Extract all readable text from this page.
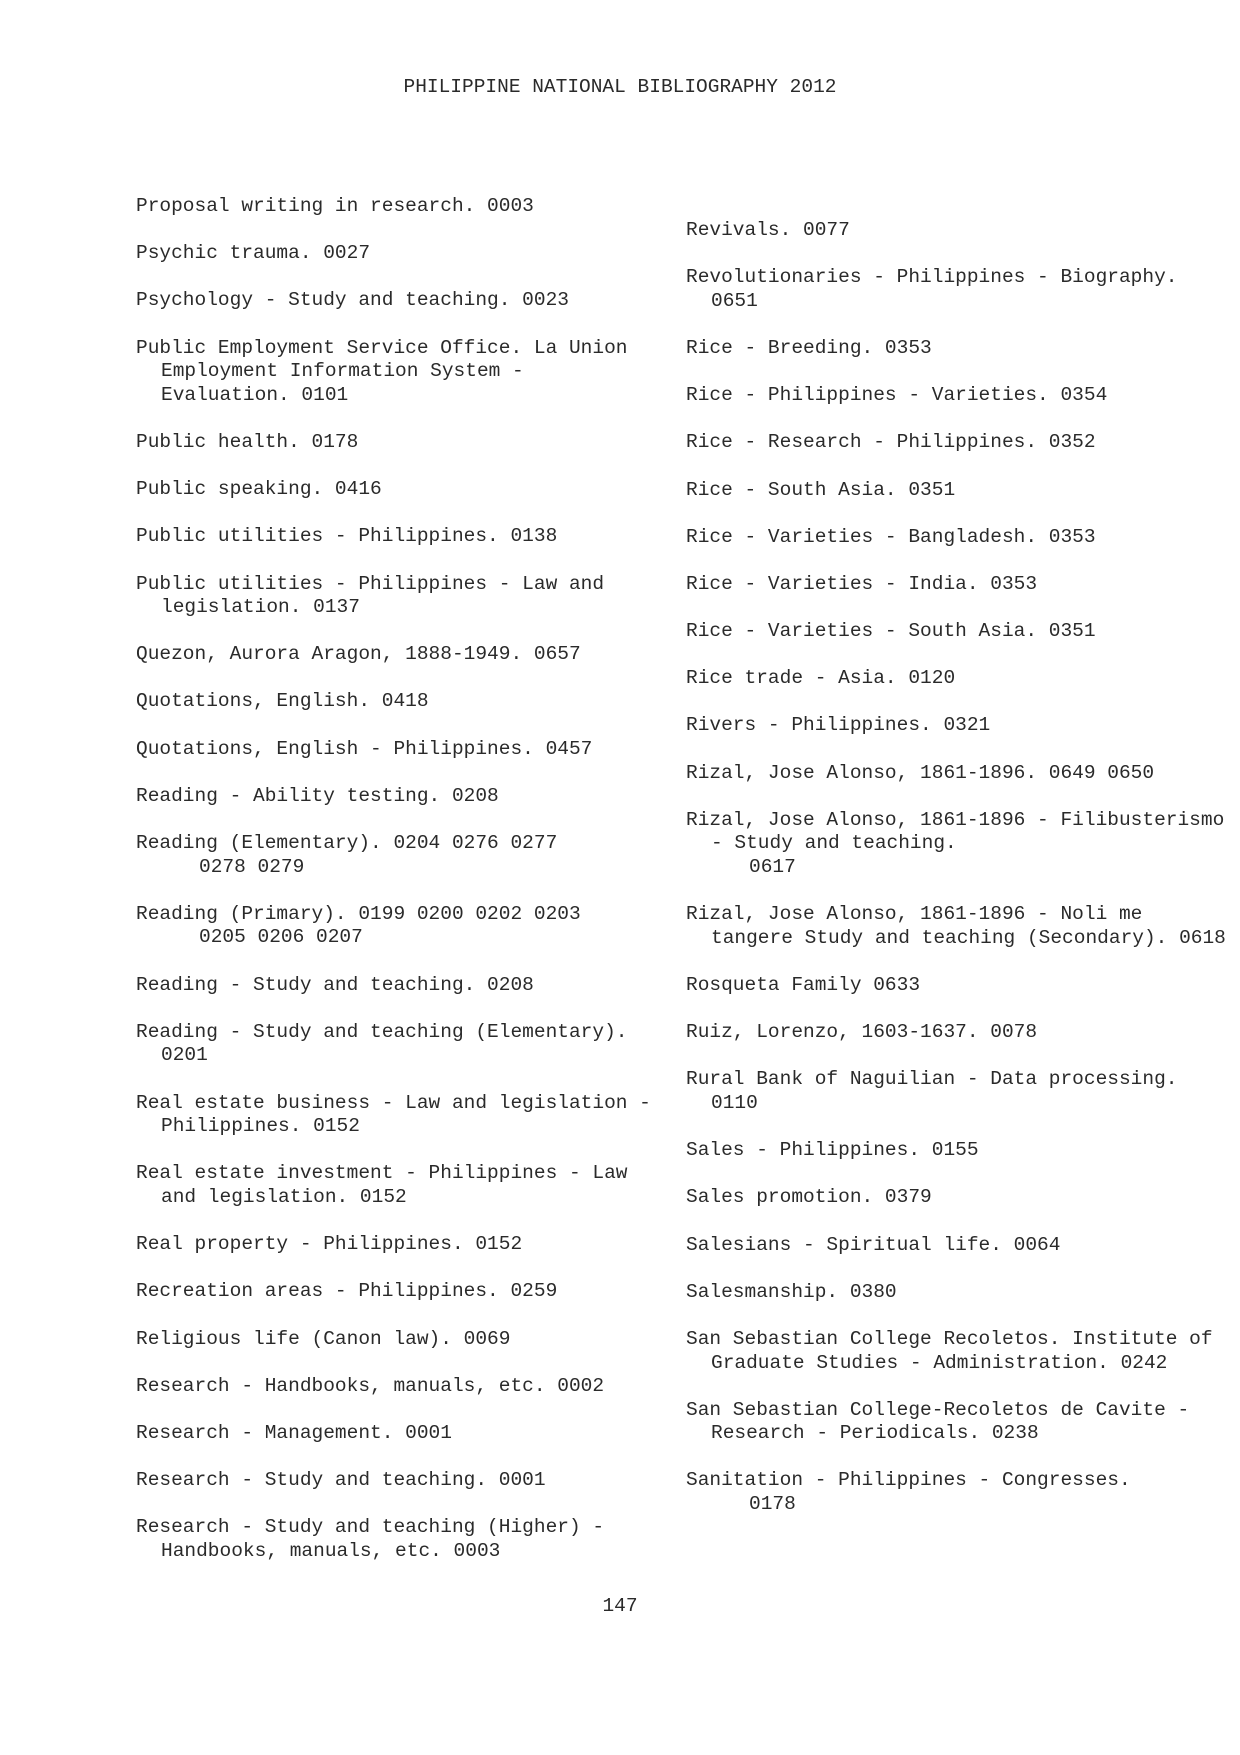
PHILIPPINE NATIONAL BIBLIOGRAPHY 2012
Proposal writing in research. 0003
Psychic trauma. 0027
Psychology - Study and teaching. 0023
Public Employment Service Office. La Union Employment Information System - Evaluation. 0101
Public health. 0178
Public speaking. 0416
Public utilities - Philippines. 0138
Public utilities - Philippines - Law and legislation. 0137
Quezon, Aurora Aragon, 1888-1949. 0657
Quotations, English. 0418
Quotations, English - Philippines. 0457
Reading - Ability testing. 0208
Reading (Elementary). 0204 0276 0277
0278 0279
Reading (Primary). 0199 0200 0202 0203
0205 0206 0207
Reading - Study and teaching. 0208
Reading - Study and teaching (Elementary). 0201
Real estate business - Law and legislation - Philippines. 0152
Real estate investment - Philippines - Law and legislation. 0152
Real property - Philippines. 0152
Recreation areas - Philippines. 0259
Religious life (Canon law). 0069
Research - Handbooks, manuals, etc. 0002
Research - Management. 0001
Research - Study and teaching. 0001
Research - Study and teaching (Higher) - Handbooks, manuals, etc. 0003
Revivals. 0077
Revolutionaries - Philippines - Biography. 0651
Rice - Breeding. 0353
Rice - Philippines - Varieties. 0354
Rice - Research - Philippines. 0352
Rice - South Asia. 0351
Rice - Varieties - Bangladesh. 0353
Rice - Varieties - India. 0353
Rice - Varieties - South Asia. 0351
Rice trade - Asia. 0120
Rivers - Philippines. 0321
Rizal, Jose Alonso, 1861-1896. 0649 0650
Rizal, Jose Alonso, 1861-1896 - Filibusterismo - Study and teaching.
0617
Rizal, Jose Alonso, 1861-1896 - Noli me tangere Study and teaching (Secondary). 0618
Rosqueta Family 0633
Ruiz, Lorenzo, 1603-1637. 0078
Rural Bank of Naguilian - Data processing. 0110
Sales - Philippines. 0155
Sales promotion. 0379
Salesians - Spiritual life. 0064
Salesmanship. 0380
San Sebastian College Recoletos. Institute of Graduate Studies - Administration. 0242
San Sebastian College-Recoletos de Cavite - Research - Periodicals. 0238
Sanitation - Philippines - Congresses.
0178
147
